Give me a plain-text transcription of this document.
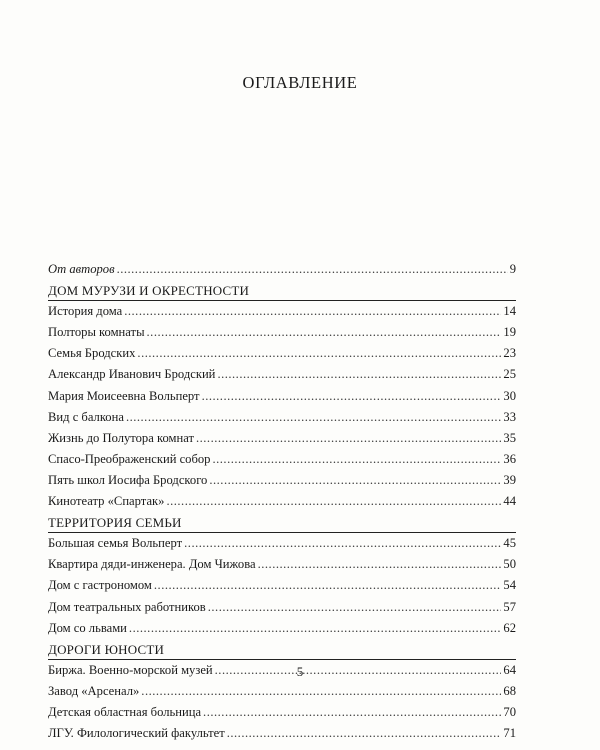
ОГЛАВЛЕНИЕ
От авторов .....	9
ДОМ МУРУЗИ И ОКРЕСТНОСТИ
История дома .....	14
Полторы комнаты .....	19
Семья Бродских .....	23
Александр Иванович Бродский .....	25
Мария Моисеевна Вольперт .....	30
Вид с балкона .....	33
Жизнь до Полутора комнат .....	35
Спасо-Преображенский собор .....	36
Пять школ Иосифа Бродского .....	39
Кинотеатр «Спартак» .....	44
ТЕРРИТОРИЯ СЕМЬИ
Большая семья Вольперт .....	45
Квартира дяди-инженера. Дом Чижова .....	50
Дом с гастрономом .....	54
Дом театральных работников .....	57
Дом со львами .....	62
ДОРОГИ ЮНОСТИ
Биржа. Военно-морской музей .....	64
Завод «Арсенал» .....	68
Детская областная больница .....	70
ЛГУ. Филологический факультет .....	71
5
